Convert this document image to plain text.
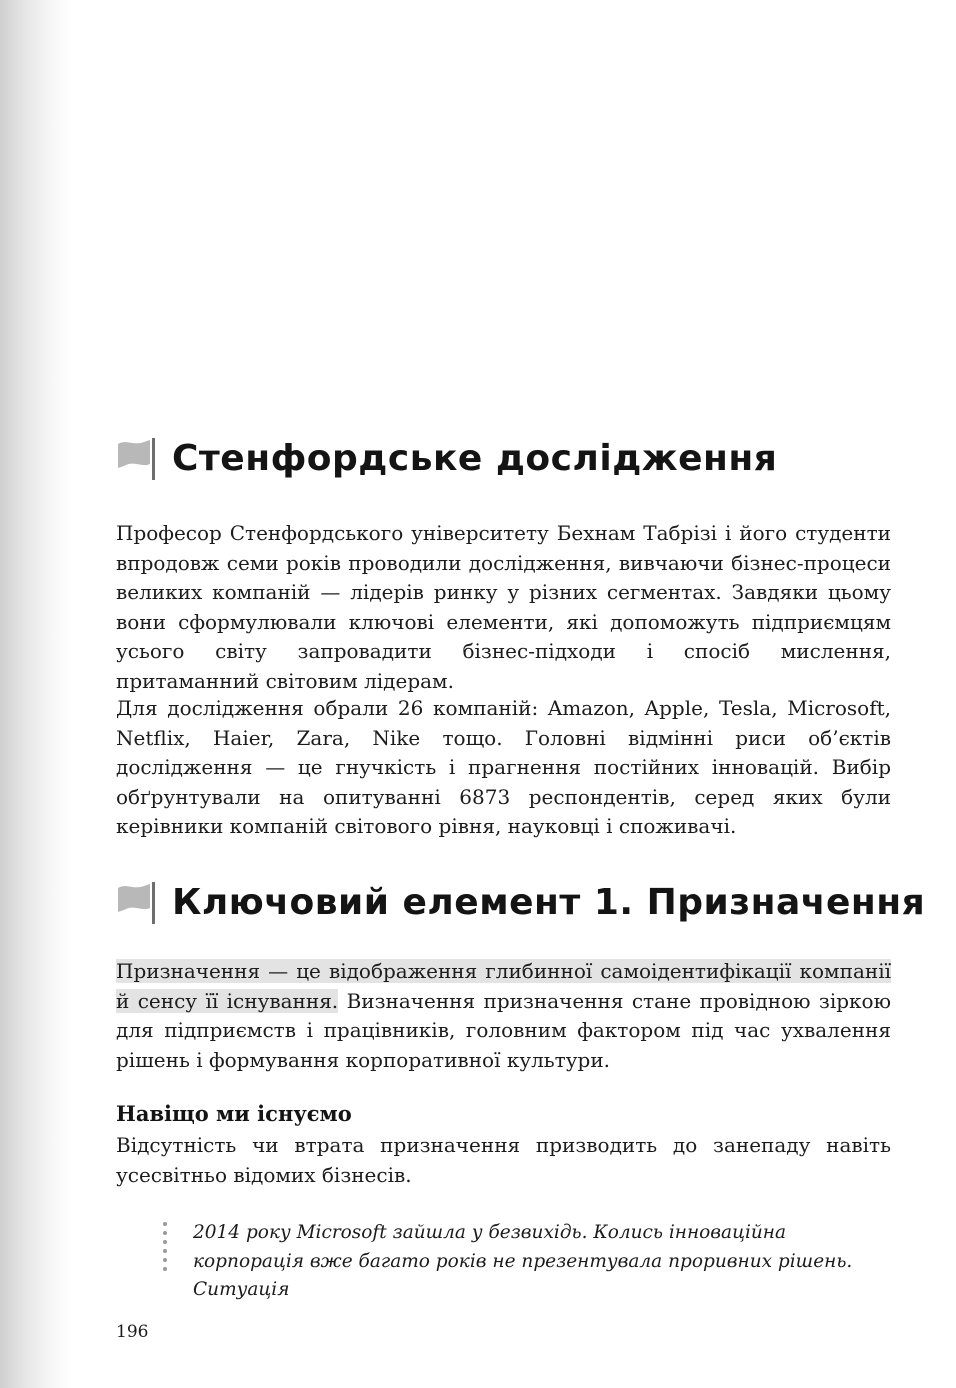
Стенфордське дослідження

Професор Стенфордського університету Бехнам Табрізі і його студенти впродовж семи років проводили дослідження, вивчаючи бізнес-процеси великих компаній — лідерів ринку у різних сегментах. Завдяки цьому вони сформулювали ключові елементи, які допоможуть підприємцям усього світу запровадити бізнес-підходи і спосіб мислення, притаманний світовим лідерам.

Для дослідження обрали 26 компаній: Amazon, Apple, Tesla, Microsoft, Netflix, Haier, Zara, Nike тощо. Головні відмінні риси об’єктів дослідження — це гнучкість і прагнення постійних інновацій. Вибір обґрунтували на опитуванні 6873 респондентів, серед яких були керівники компаній світового рівня, науковці і споживачі.

Ключовий елемент 1. Призначення

Призначення — це відображення глибинної самоідентифікації компанії й сенсу її існування. Визначення призначення стане провідною зіркою для підприємств і працівників, головним фактором під час ухвалення рішень і формування корпоративної культури.

Навіщо ми існуємо

Відсутність чи втрата призначення призводить до занепаду навіть усесвітньо відомих бізнесів.

2014 року Microsoft зайшла у безвихідь. Колись інноваційна корпорація вже багато років не презентувала проривних рішень. Ситуація

196
